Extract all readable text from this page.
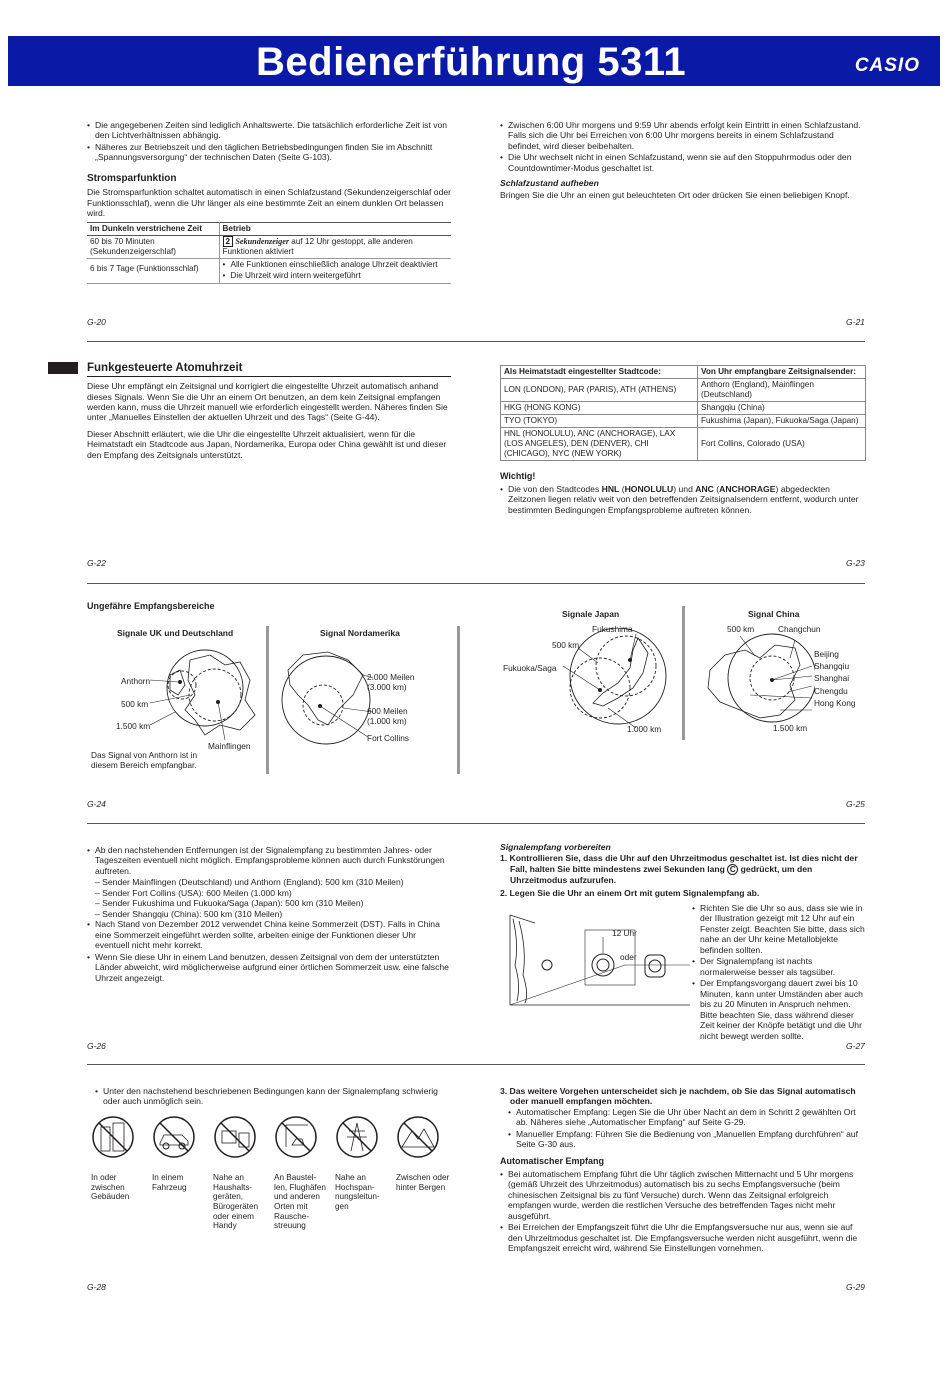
Bedienerführung 5311	CASIO
• Die angegebenen Zeiten sind lediglich Anhaltswerte. Die tatsächlich erforderliche Zeit ist von den Lichtverhältnissen abhängig.
• Näheres zur Betriebszeit und den täglichen Betriebsbedingungen finden Sie im Abschnitt „Spannungsversorgung“ der technischen Daten (Seite G-103).
Stromsparfunktion
Die Stromsparfunktion schaltet automatisch in einen Schlafzustand (Sekundenzeigerschlaf oder Funktionsschlaf), wenn die Uhr länger als eine bestimmte Zeit an einem dunklen Ort belassen wird.
Im Dunkeln verstrichene Zeit	Betrieb
60 bis 70 Minuten (Sekundenzeigerschlaf)	2 Sekundenzeiger auf 12 Uhr gestoppt, alle anderen Funktionen aktiviert
6 bis 7 Tage (Funktionsschlaf)	• Alle Funktionen einschließlich analoge Uhrzeit deaktiviert
• Die Uhrzeit wird intern weitergeführt
G-20
• Zwischen 6:00 Uhr morgens und 9:59 Uhr abends erfolgt kein Eintritt in einen Schlafzustand. Falls sich die Uhr bei Erreichen von 6:00 Uhr morgens bereits in einem Schlafzustand befindet, wird dieser beibehalten.
• Die Uhr wechselt nicht in einen Schlafzustand, wenn sie auf den Stoppuhrmodus oder den Countdowntimer-Modus geschaltet ist.
Schlafzustand aufheben
Bringen Sie die Uhr an einen gut beleuchteten Ort oder drücken Sie einen beliebigen Knopf.
G-21
Funkgesteuerte Atomuhrzeit
Diese Uhr empfängt ein Zeitsignal und korrigiert die eingestellte Uhrzeit automatisch anhand dieses Signals. Wenn Sie die Uhr an einem Ort benutzen, an dem kein Zeitsignal empfangen werden kann, muss die Uhrzeit manuell wie erforderlich eingestellt werden. Näheres finden Sie unter „Manuelles Einstellen der aktuellen Uhrzeit und des Tags“ (Seite G-44).
Dieser Abschnitt erläutert, wie die Uhr die eingestellte Uhrzeit aktualisiert, wenn für die Heimatstadt ein Stadtcode aus Japan, Nordamerika, Europa oder China gewählt ist und dieser den Empfang des Zeitsignals unterstützt.
G-22
Als Heimatstadt eingestellter Stadtcode:	Von Uhr empfangbare Zeitsignalsender:
LON (LONDON), PAR (PARIS), ATH (ATHENS)	Anthorn (England), Mainflingen (Deutschland)
HKG (HONG KONG)	Shangqiu (China)
TYO (TOKYO)	Fukushima (Japan), Fukuoka/Saga (Japan)
HNL (HONOLULU), ANC (ANCHORAGE), LAX (LOS ANGELES), DEN (DENVER), CHI (CHICAGO), NYC (NEW YORK)	Fort Collins, Colorado (USA)
Wichtig!
• Die von den Stadtcodes HNL (HONOLULU) und ANC (ANCHORAGE) abgedeckten Zeitzonen liegen relativ weit von den betreffenden Zeitsignalsendern entfernt, wodurch unter bestimmten Bedingungen Empfangsprobleme auftreten können.
G-23
Ungefähre Empfangsbereiche
Signale UK und Deutschland	Signal Nordamerika
Anthorn
500 km
1.500 km
Mainflingen
Das Signal von Anthorn ist in diesem Bereich empfangbar.
2.000 Meilen (3.000 km)
600 Meilen (1.000 km)
Fort Collins
G-24
Signale Japan	Signal China
Fukushima
500 km
Fukuoka/Saga
1.000 km
500 km	Changchun
Beijing
Shangqiu
Shanghai
Chengdu
Hong Kong
1.500 km
G-25
• Ab den nachstehenden Entfernungen ist der Signalempfang zu bestimmten Jahres- oder Tageszeiten eventuell nicht möglich. Empfangsprobleme können auch durch Funkstörungen auftreten.
– Sender Mainflingen (Deutschland) und Anthorn (England): 500 km (310 Meilen)
– Sender Fort Collins (USA): 600 Meilen (1.000 km)
– Sender Fukushima und Fukuoka/Saga (Japan): 500 km (310 Meilen)
– Sender Shangqiu (China): 500 km (310 Meilen)
• Nach Stand von Dezember 2012 verwendet China keine Sommerzeit (DST). Falls in China eine Sommerzeit eingeführt werden sollte, arbeiten einige der Funktionen dieser Uhr eventuell nicht mehr korrekt.
• Wenn Sie diese Uhr in einem Land benutzen, dessen Zeitsignal von dem der unterstützten Länder abweicht, wird möglicherweise aufgrund einer örtlichen Sommerzeit usw. eine falsche Uhrzeit angezeigt.
G-26
Signalempfang vorbereiten
1. Kontrollieren Sie, dass die Uhr auf den Uhrzeitmodus geschaltet ist. Ist dies nicht der Fall, halten Sie bitte mindestens zwei Sekunden lang C gedrückt, um den Uhrzeitmodus aufzurufen.
2. Legen Sie die Uhr an einem Ort mit gutem Signalempfang ab.
12 Uhr
oder
• Richten Sie die Uhr so aus, dass sie wie in der Illustration gezeigt mit 12 Uhr auf ein Fenster zeigt. Beachten Sie bitte, dass sich nahe an der Uhr keine Metallobjekte befinden sollten.
• Der Signalempfang ist nachts normalerweise besser als tagsüber.
• Der Empfangsvorgang dauert zwei bis 10 Minuten, kann unter Umständen aber auch bis zu 20 Minuten in Anspruch nehmen. Bitte beachten Sie, dass während dieser Zeit keiner der Knöpfe betätigt und die Uhr nicht bewegt werden sollte.
G-27
• Unter den nachstehend beschriebenen Bedingungen kann der Signalempfang schwierig oder auch unmöglich sein.
In oder zwischen Gebäuden
In einem Fahrzeug
Nahe an Haushalts-geräten, Bürogeräten oder einem Handy
An Baustel-len, Flughäfen und anderen Orten mit Rausche-streuung
Nahe an Hochspan-nungsleitun-gen
Zwischen oder hinter Bergen
G-28
3. Das weitere Vorgehen unterscheidet sich je nachdem, ob Sie das Signal automatisch oder manuell empfangen möchten.
• Automatischer Empfang: Legen Sie die Uhr über Nacht an dem in Schritt 2 gewählten Ort ab. Näheres siehe „Automatischer Empfang“ auf Seite G-29.
• Manueller Empfang: Führen Sie die Bedienung von „Manuellen Empfang durchführen“ auf Seite G-30 aus.
Automatischer Empfang
• Bei automatischem Empfang führt die Uhr täglich zwischen Mitternacht und 5 Uhr morgens (gemäß Uhrzeit des Uhrzeitmodus) automatisch bis zu sechs Empfangsversuche (beim chinesischen Zeitsignal bis zu fünf Versuche) durch. Wenn das Zeitsignal erfolgreich empfangen wurde, werden die restlichen Versuche des betreffenden Tages nicht mehr ausgeführt.
• Bei Erreichen der Empfangszeit führt die Uhr die Empfangsversuche nur aus, wenn sie auf den Uhrzeitmodus geschaltet ist. Die Empfangsversuche werden nicht ausgeführt, wenn die Empfangszeit erreicht wird, während Sie Einstellungen vornehmen.
G-29
